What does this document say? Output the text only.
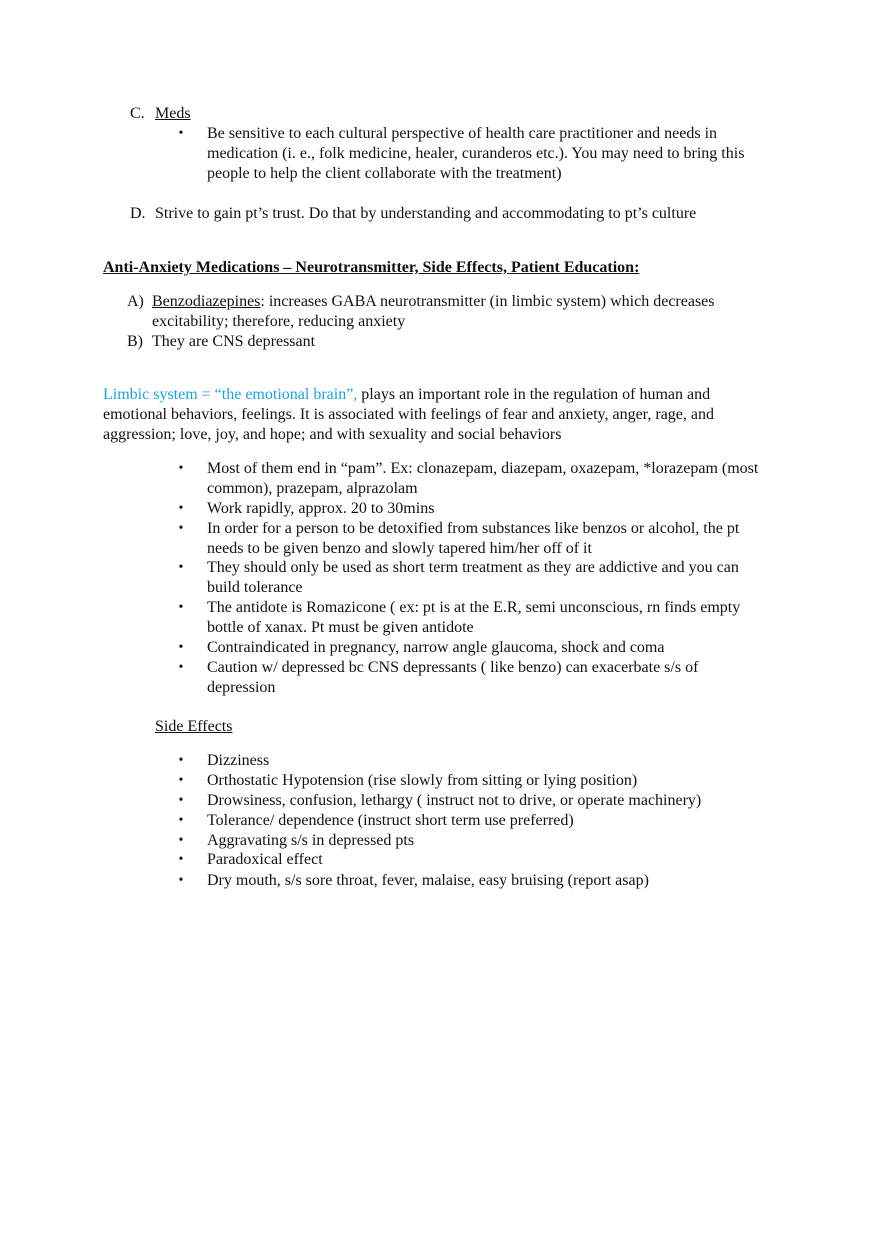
C. Meds
• Be sensitive to each cultural perspective of health care practitioner and needs in medication (i. e., folk medicine, healer, curanderos etc.). You may need to bring this people to help the client collaborate with the treatment)
D. Strive to gain pt’s trust. Do that by understanding and accommodating to pt’s culture
Anti-Anxiety Medications – Neurotransmitter, Side Effects, Patient Education:
A) Benzodiazepines: increases GABA neurotransmitter (in limbic system) which decreases excitability; therefore, reducing anxiety
B) They are CNS depressant
Limbic system = “the emotional brain”, plays an important role in the regulation of human and emotional behaviors, feelings. It is associated with feelings of fear and anxiety, anger, rage, and aggression; love, joy, and hope; and with sexuality and social behaviors
• Most of them end in “pam”. Ex: clonazepam, diazepam, oxazepam, *lorazepam (most common), prazepam, alprazolam
• Work rapidly, approx. 20 to 30mins
• In order for a person to be detoxified from substances like benzos or alcohol, the pt needs to be given benzo and slowly tapered him/her off of it
• They should only be used as short term treatment as they are addictive and you can build tolerance
• The antidote is Romazicone ( ex: pt is at the E.R, semi unconscious, rn finds empty bottle of xanax. Pt must be given antidote
• Contraindicated in pregnancy, narrow angle glaucoma, shock and coma
• Caution w/ depressed bc CNS depressants ( like benzo) can exacerbate s/s of depression
Side Effects
• Dizziness
• Orthostatic Hypotension (rise slowly from sitting or lying position)
• Drowsiness, confusion, lethargy ( instruct not to drive, or operate machinery)
• Tolerance/ dependence (instruct short term use preferred)
• Aggravating s/s in depressed pts
• Paradoxical effect
• Dry mouth, s/s sore throat, fever, malaise, easy bruising (report asap)
